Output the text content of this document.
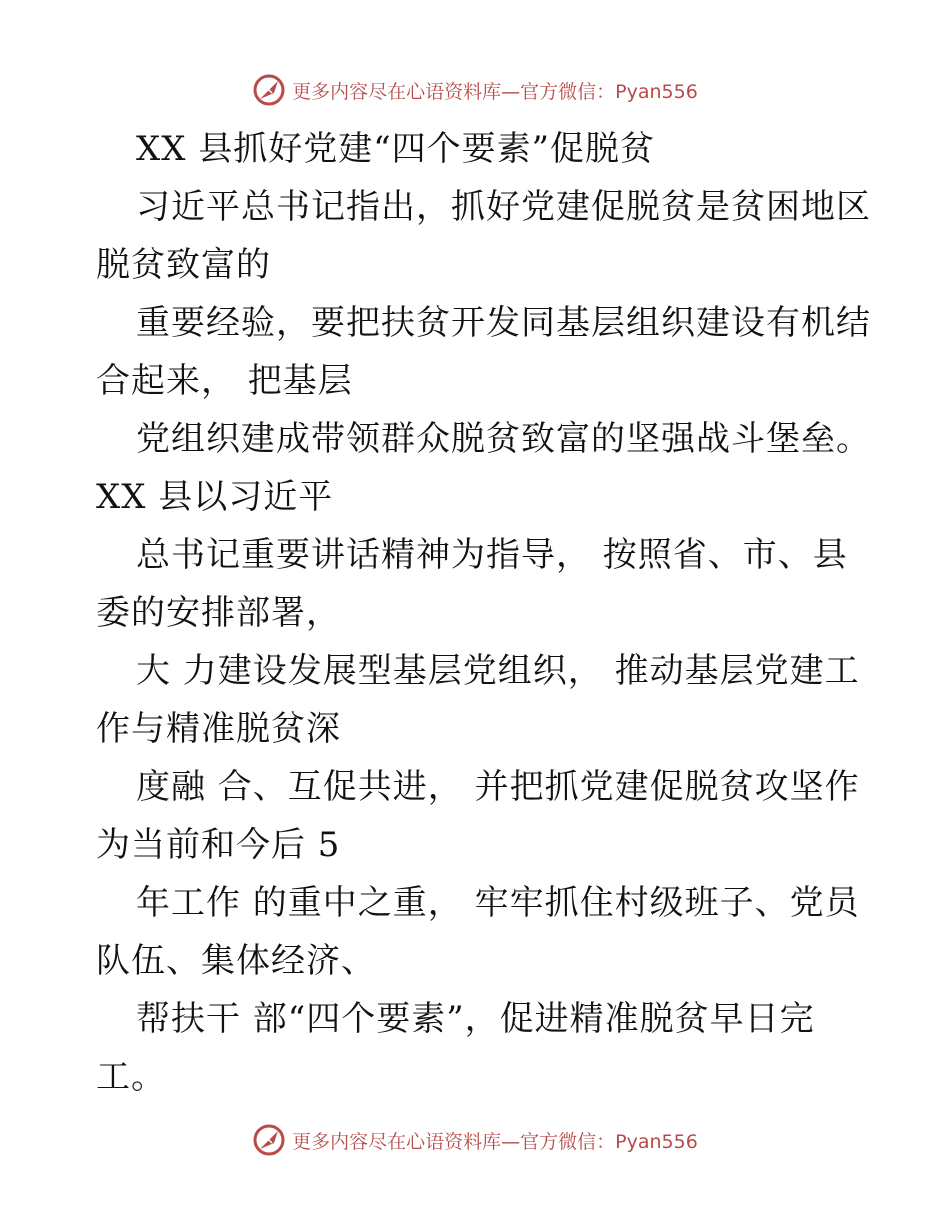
更多内容尽在心语资料库—官方微信：Pyan556
XX 县抓好党建“四个要素”促脱贫
习近平总书记指出，抓好党建促脱贫是贫困地区
脱贫致富的
重要经验，要把扶贫开发同基层组织建设有机结
合起来， 把基层
党组织建成带领群众脱贫致富的坚强战斗堡垒。
XX 县以习近平
总书记重要讲话精神为指导， 按照省、市、县
委的安排部署，
大 力建设发展型基层党组织， 推动基层党建工
作与精准脱贫深
度融 合、互促共进， 并把抓党建促脱贫攻坚作
为当前和今后 5
年工作 的重中之重， 牢牢抓住村级班子、党员
队伍、集体经济、
帮扶干 部“四个要素”，促进精准脱贫早日完
工。
更多内容尽在心语资料库—官方微信：Pyan556
